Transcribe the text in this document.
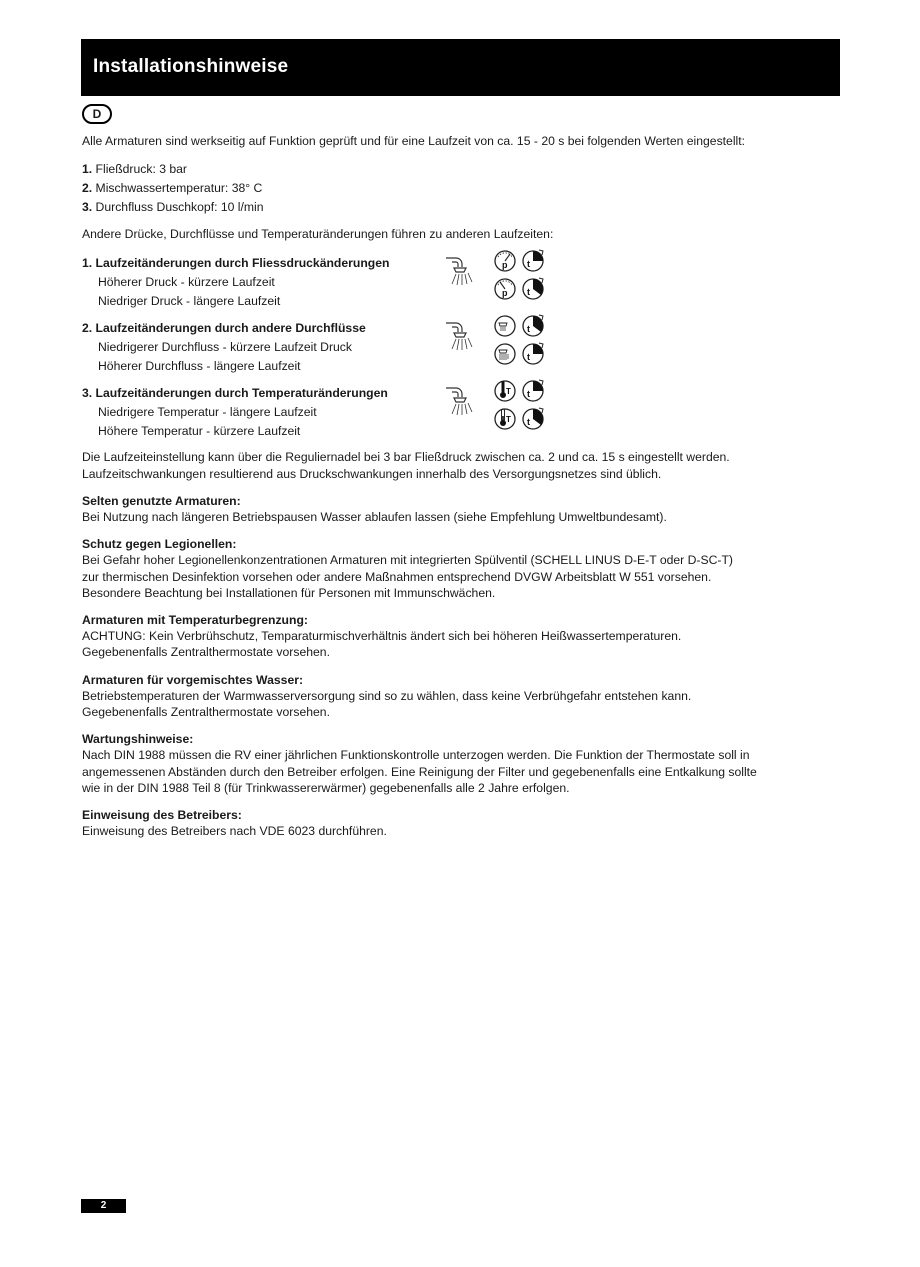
Installationshinweise
D

Alle Armaturen sind werkseitig auf Funktion geprüft und für eine Laufzeit von ca. 15 - 20 s bei folgenden Werten eingestellt:

1. Fließdruck: 3 bar
2. Mischwassertemperatur: 38° C
3. Durchfluss Duschkopf: 10 l/min

Andere Drücke, Durchflüsse und Temperaturänderungen führen zu anderen Laufzeiten:

1. Laufzeitänderungen durch Fliessdruckänderungen
Höherer Druck - kürzere Laufzeit
Niedriger Druck - längere Laufzeit
p
p
t
t
2. Laufzeitänderungen durch andere Durchflüsse
Niedrigerer Durchfluss - kürzere Laufzeit Druck
Höherer Durchfluss - längere Laufzeit
t
t
3. Laufzeitänderungen durch Temperaturänderungen
Niedrigere Temperatur - längere Laufzeit
Höhere Temperatur - kürzere Laufzeit
T
T
t
t

Die Laufzeiteinstellung kann über die Reguliernadel bei 3 bar Fließdruck zwischen ca. 2 und ca. 15 s eingestellt werden.

Laufzeitschwankungen resultierend aus Druckschwankungen innerhalb des Versorgungsnetzes sind üblich.

Selten genutzte Armaturen:

Bei Nutzung nach längeren Betriebspausen Wasser ablaufen lassen (siehe Empfehlung Umweltbundesamt).

Schutz gegen Legionellen:

Bei Gefahr hoher Legionellenkonzentrationen Armaturen mit integrierten Spülventil (SCHELL LINUS D-E-T oder D-SC-T)

zur thermischen Desinfektion vorsehen oder andere Maßnahmen entsprechend DVGW Arbeitsblatt W 551 vorsehen.

Besondere Beachtung bei Installationen für Personen mit Immunschwächen.

Armaturen mit Temperaturbegrenzung:

ACHTUNG: Kein Verbrühschutz, Temparaturmischverhältnis ändert sich bei höheren Heißwassertemperaturen.

Gegebenenfalls Zentralthermostate vorsehen.

Armaturen für vorgemischtes Wasser:

Betriebstemperaturen der Warmwasserversorgung sind so zu wählen, dass keine Verbrühgefahr entstehen kann.

Gegebenenfalls Zentralthermostate vorsehen.

Wartungshinweise:

Nach DIN 1988 müssen die RV einer jährlichen Funktionskontrolle unterzogen werden. Die Funktion der Thermostate soll in

angemessenen Abständen durch den Betreiber erfolgen. Eine Reinigung der Filter und gegebenenfalls eine Entkalkung sollte

wie in der DIN 1988 Teil 8 (für Trinkwassererwärmer) gegebenenfalls alle 2 Jahre erfolgen.

Einweisung des Betreibers:

Einweisung des Betreibers nach VDE 6023 durchführen.

2
